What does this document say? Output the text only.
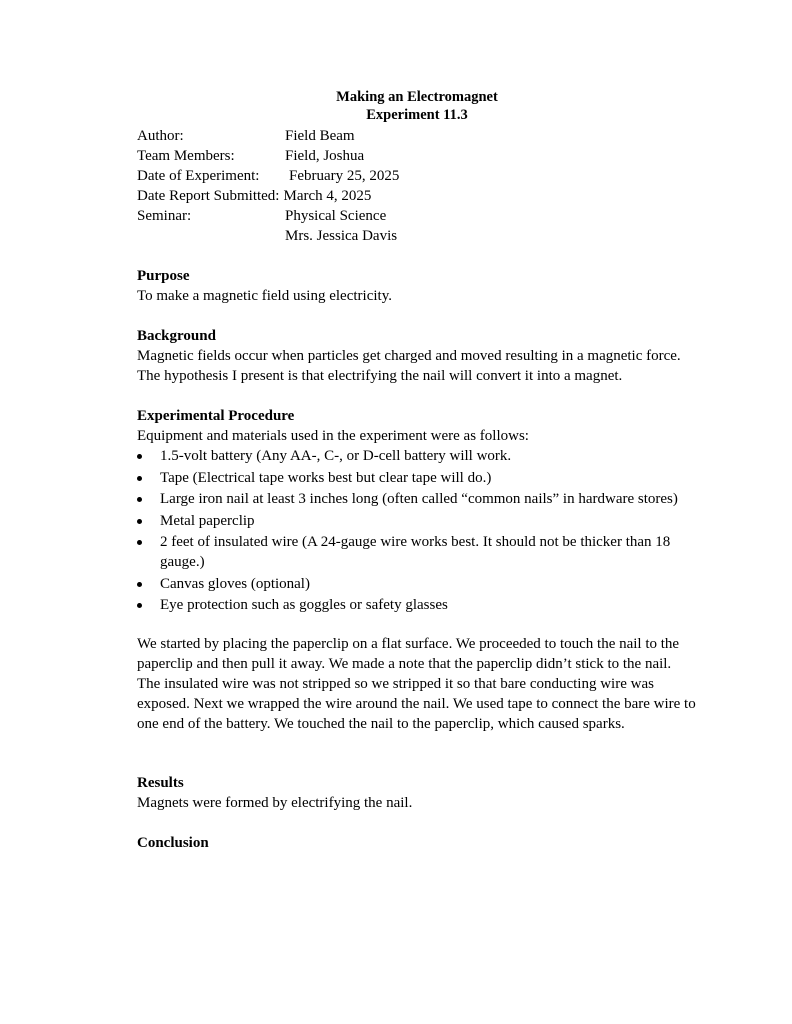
Making an Electromagnet
Experiment 11.3
Author:	Field Beam
Team Members:	Field, Joshua
Date of Experiment:	February 25, 2025
Date Report Submitted: March 4, 2025
Seminar:	Physical Science
Mrs. Jessica Davis
Purpose

To make a magnetic field using electricity.

Background

Magnetic fields occur when particles get charged and moved resulting in a magnetic force. The hypothesis I present is that electrifying the nail will convert it into a magnet.

Experimental Procedure

Equipment and materials used in the experiment were as follows:

1.5-volt battery (Any AA-, C-, or D-cell battery will work.
Tape (Electrical tape works best but clear tape will do.)
Large iron nail at least 3 inches long (often called “common nails” in hardware stores)
Metal paperclip
2 feet of insulated wire (A 24-gauge wire works best. It should not be thicker than 18 gauge.)
Canvas gloves (optional)
Eye protection such as goggles or safety glasses

We started by placing the paperclip on a flat surface. We proceeded to touch the nail to the paperclip and then pull it away. We made a note that the paperclip didn’t stick to the nail. The insulated wire was not stripped so we stripped it so that bare conducting wire was exposed. Next we wrapped the wire around the nail. We used tape to connect the bare wire to one end of the battery. We touched the nail to the paperclip, which caused sparks.

Results

Magnets were formed by electrifying the nail.

Conclusion
